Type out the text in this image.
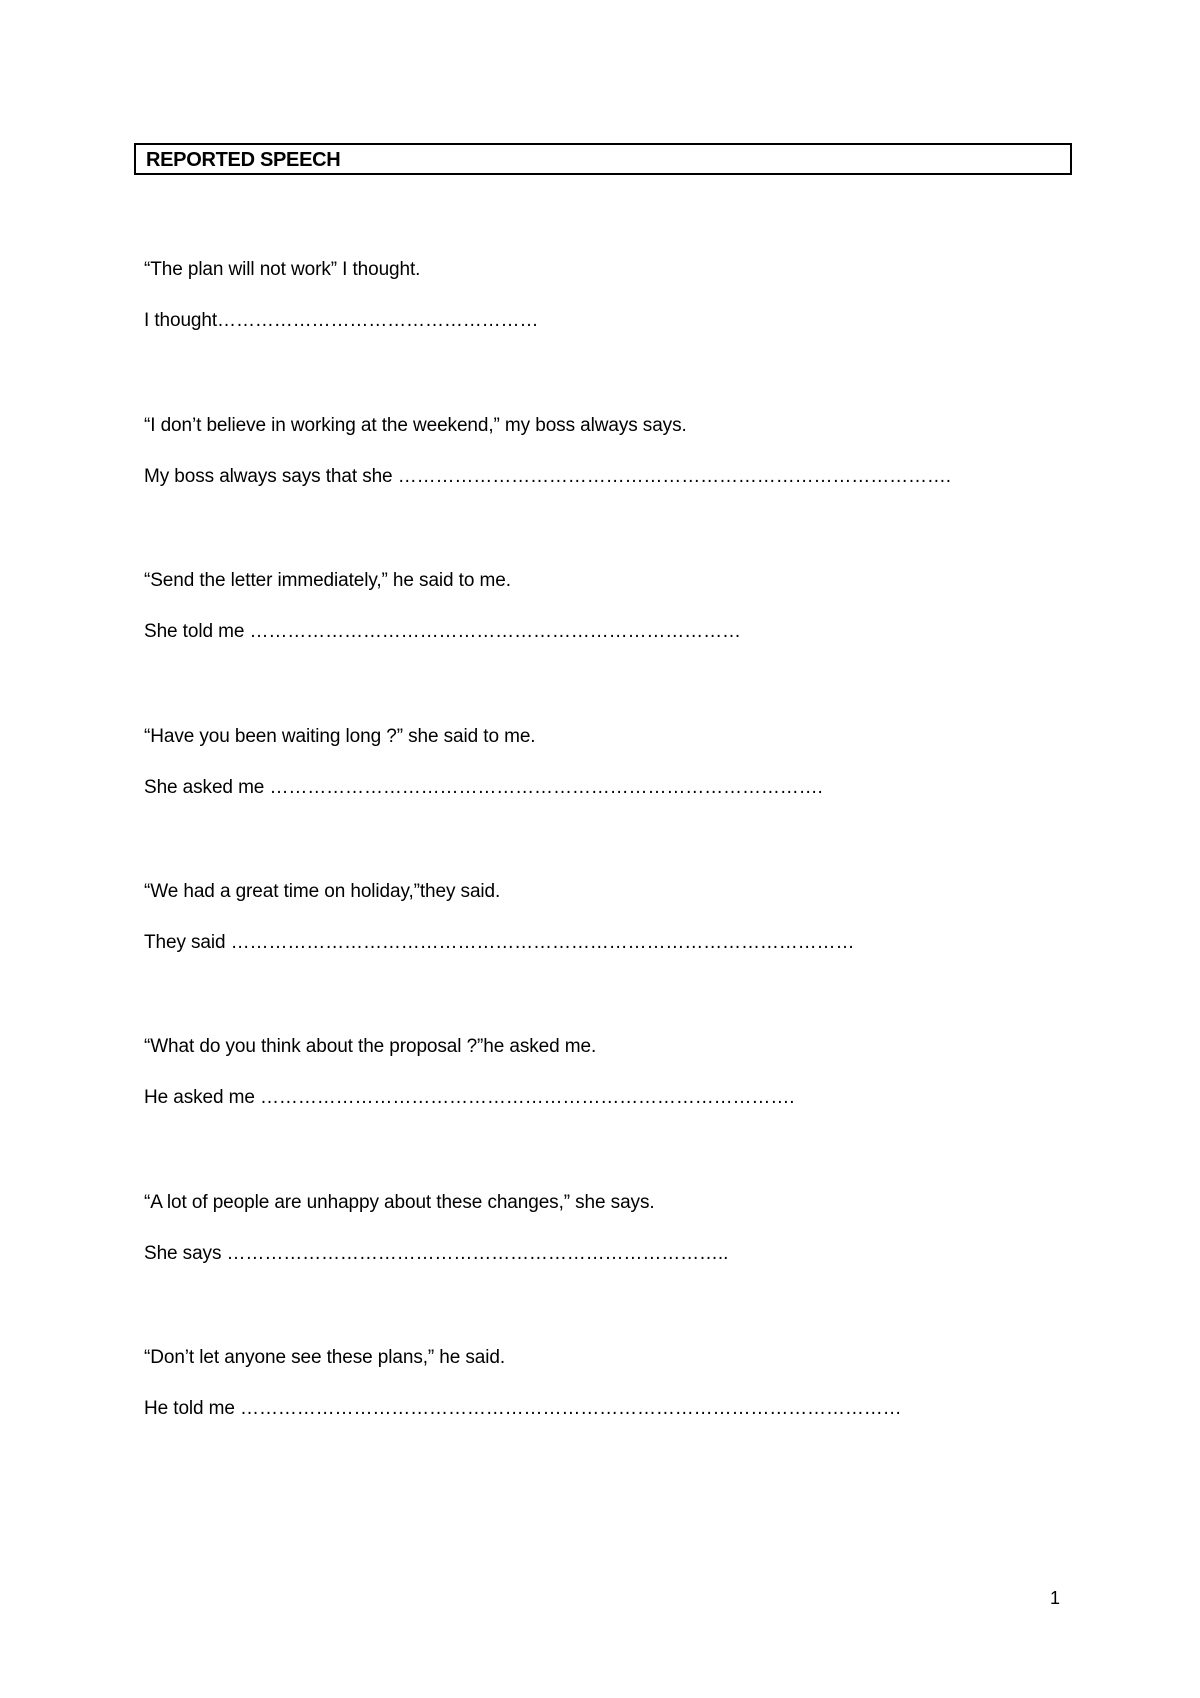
REPORTED SPEECH
“The plan will not work” I thought.
I thought……………………………………………
“I don’t believe in working at the weekend,” my boss always says.
My boss always says that she …………………………………………………………………………….
“Send the letter immediately,” he said to me.
She told me ……………………………………………………………………
“Have you been waiting long ?” she said to me.
She asked me …………………………………………………………………………….
“We had a great time on holiday,”they said.
They said ………………………………………………………………………………………
“What do you think about the proposal ?”he asked me.
He asked me ………………………………………………………………………….
“A lot of people are unhappy about these changes,” she says.
She says ……………………………………………………………………..
“Don’t let anyone see these plans,” he said.
He told me ……………………………………………………………………………………………
1
